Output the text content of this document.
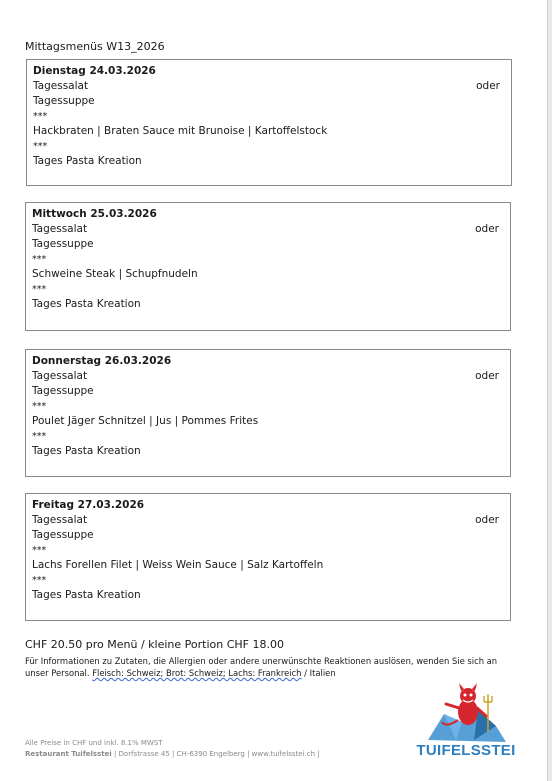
Mittagsmenüs W13_2026
Dienstag 24.03.2026
Tagessalat	oder
Tagessuppe
***
Hackbraten | Braten Sauce mit Brunoise | Kartoffelstock
***
Tages Pasta Kreation
Mittwoch 25.03.2026
Tagessalat	oder
Tagessuppe
***
Schweine Steak | Schupfnudeln
***
Tages Pasta Kreation
Donnerstag 26.03.2026
Tagessalat	oder
Tagessuppe
***
Poulet Jäger Schnitzel | Jus | Pommes Frites
***
Tages Pasta Kreation
Freitag 27.03.2026
Tagessalat	oder
Tagessuppe
***
Lachs Forellen Filet | Weiss Wein Sauce | Salz Kartoffeln
***
Tages Pasta Kreation
CHF 20.50 pro Menü / kleine Portion CHF 18.00
Für Informationen zu Zutaten, die Allergien oder andere unerwünschte Reaktionen auslösen, wenden Sie sich an unser Personal. Fleisch: Schweiz; Brot: Schweiz; Lachs: Frankreich / Italien
Alle Preise in CHF und inkl. 8.1% MWST
Restaurant Tuifelsstei | Dorfstrasse 45 | CH-6390 Engelberg | www.tuifelsstei.ch |	TUIFELSSTEI
